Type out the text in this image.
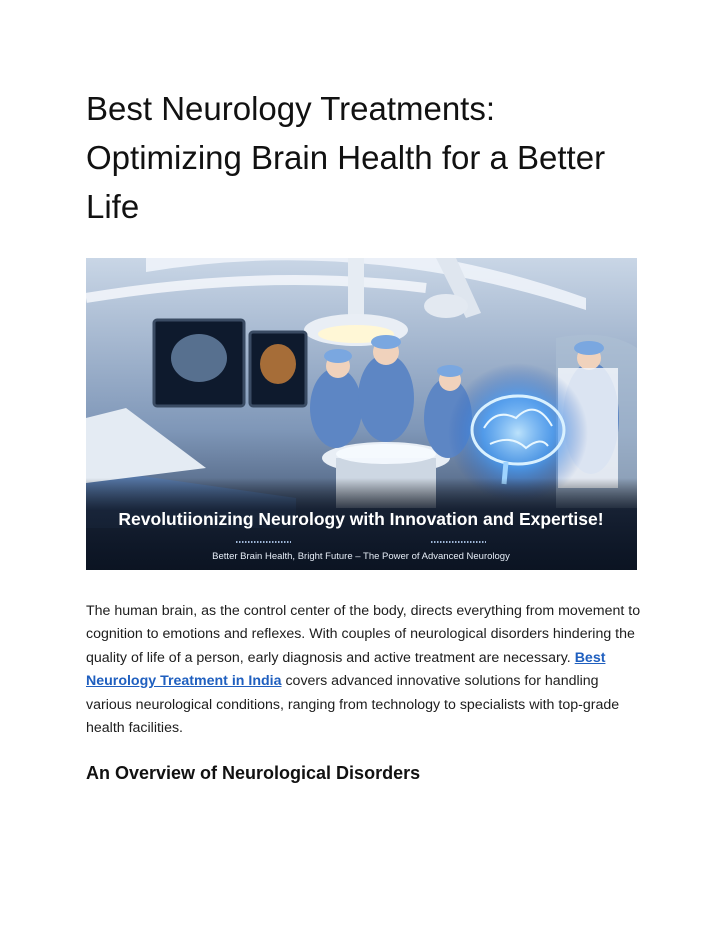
Best Neurology Treatments: Optimizing Brain Health for a Better Life
Revolutiionizing Neurology with Innovation and Expertise!
Better Brain Health, Bright Future – The Power of Advanced Neurology

The human brain, as the control center of the body, directs everything from movement to cognition to emotions and reflexes. With couples of neurological disorders hindering the quality of life of a person, early diagnosis and active treatment are necessary. Best Neurology Treatment in India covers advanced innovative solutions for handling various neurological conditions, ranging from technology to specialists with top-grade health facilities.

An Overview of Neurological Disorders
